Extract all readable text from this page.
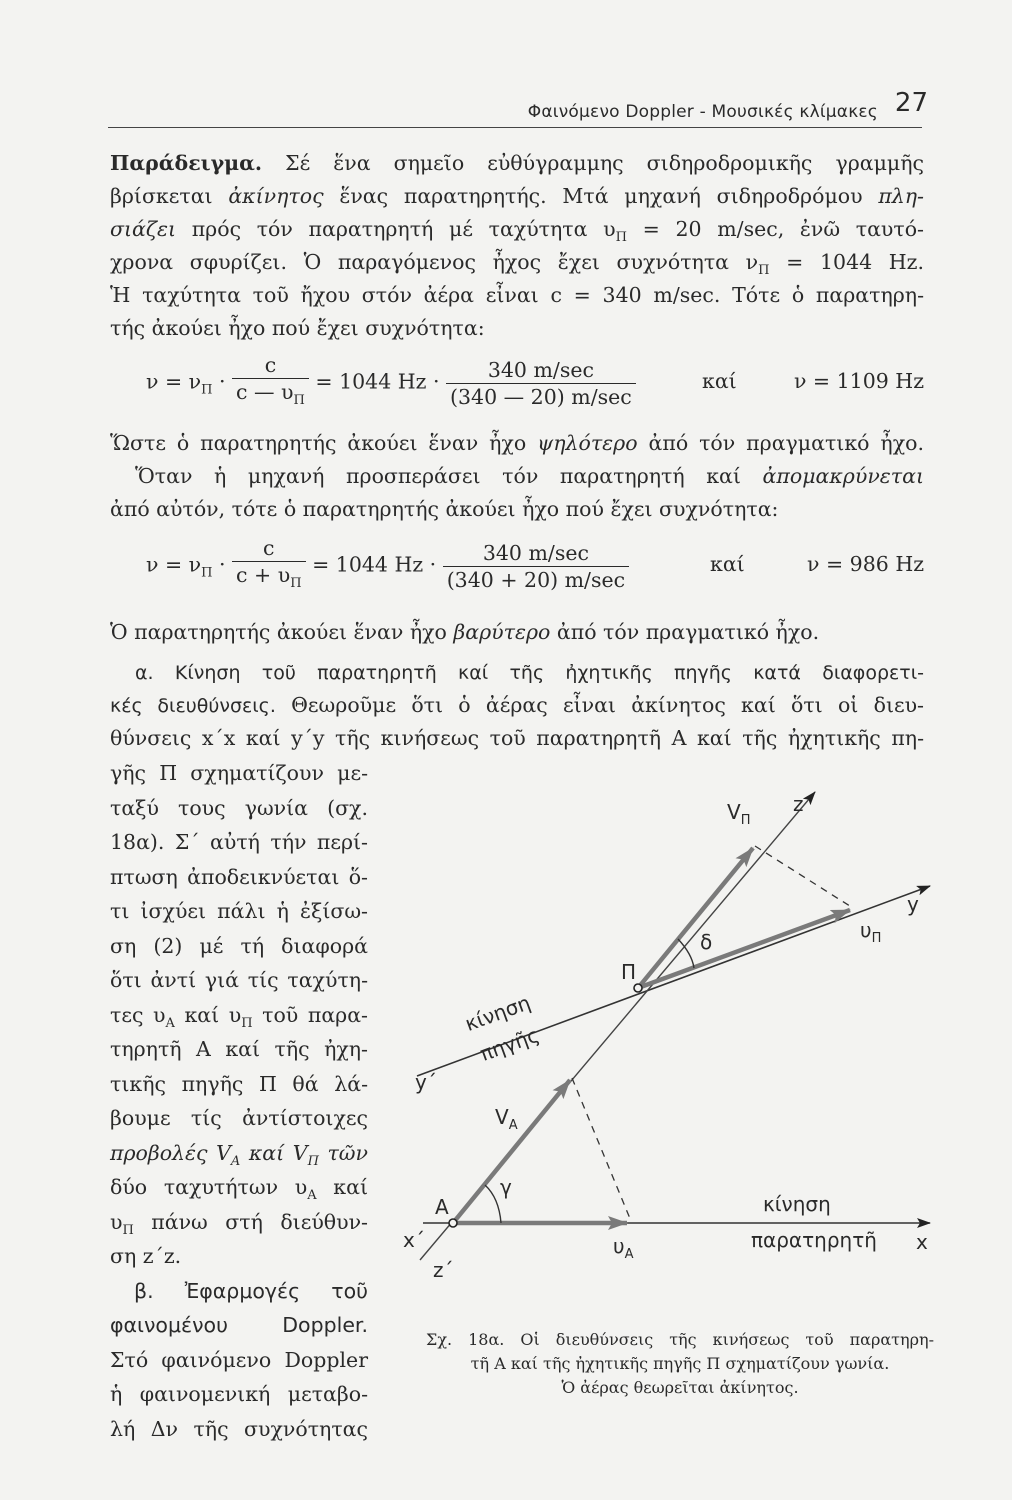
Φαινόμενο Doppler - Μουσικές κλίμακες 27
Παράδειγμα. Σέ ἕνα σημεῖο εὐθύγραμμης σιδηροδρομικῆς γραμμῆς
βρίσκεται ἀκίνητος ἕνας παρατηρητής. Μτά μηχανή σιδηροδρόμου πλη-
σιάζει πρός τόν παρατηρητή μέ ταχύτητα $\upsilon_\Pi = 20$ m/sec, ἐνῶ ταυτό-
χρονα σφυρίζει. Ὁ παραγόμενος ἦχος ἔχει συχνότητα $\nu_\Pi = 1044$ Hz.
Ἡ ταχύτητα τοῦ ἤχου στόν ἀέρα εἶναι c = 340 m/sec. Τότε ὁ παρατηρη-
τής ἀκούει ἦχο πού ἔχει συχνότητα:
$\nu = \nu_\Pi \cdot \frac{c}{c — \upsilon_\Pi} = 1044$ $Hz \cdot \frac{340 m/\sec}{(340 — 20) m/\sec}$	καί	ν = 1109 Hz
Ὥστε ὁ παρατηρητής ἀκούει ἕναν ἦχο ψηλότερο ἀπό τόν πραγματικό ἦχο.
Ὅταν ἡ μηχανή προσπεράσει τόν παρατηρητή καί ἀπομακρύνεται
ἀπό αὐτόν, τότε ὁ παρατηρητής ἀκούει ἦχο πού ἔχει συχνότητα:
$\nu = \nu_\Pi \cdot \frac{c}{c + \upsilon_\Pi} = 1044$ $Hz \cdot \frac{340 m/\sec}{(340 + 20) m/\sec}$	καί	ν = 986 Hz
Ὁ παρατηρητής ἀκούει ἕναν ἦχο βαρύτερο ἀπό τόν πραγματικό ἦχο.
α. Κίνηση τοῦ παρατηρητῆ καί τῆς ἠχητικῆς πηγῆς κατά διαφορετι-
κές διευθύνσεις. Θεωροῦμε ὅτι ὁ ἀέρας εἶναι ἀκίνητος καί ὅτι οἱ διευ-
θύνσεις x΄x καί y΄y τῆς κινήσεως τοῦ παρατηρητῆ A καί τῆς ἠχητικῆς πη-
γῆς Π σχηματίζουν με-
ταξύ τους γωνία (σχ.
18α). Σ΄ αὐτή τήν περί-
πτωση ἀποδεικνύεται ὅ-
τι ἰσχύει πάλι ἡ ἐξίσω-
ση (2) μέ τή διαφορά
ὅτι ἀντί γιά τίς ταχύτη-
τες $\upsilon_A$ καί $\upsilon_\Pi$ τοῦ παρα-
τηρητῆ A καί τῆς ἠχη-
τικῆς πηγῆς Π θά λά-
βουμε τίς ἀντίστοιχες
προβολές $V_A$ καί $V_\Pi$ τῶν
δύο ταχυτήτων $\upsilon_A$ καί
$\upsilon_\Pi$ πάνω στή διεύθυν-
ση z΄z.
β. Ἐφαρμογές τοῦ
φαινομένου Doppler.
Στό φαινόμενο Doppler
ἡ φαινομενική μεταβο-
λή Δν τῆς συχνότητας
$V_\Pi$
z
y
$\upsilon_\Pi$
δ
Π
κίνηση
πηγῆς
y΄
$V_A$
γ
A
x΄
z΄
$\upsilon_A$
κίνηση
παρατηρητῆ x
Σχ. 18α. Οἱ διευθύνσεις τῆς κινήσεως τοῦ παρατηρη-
τῆ A καί τῆς ἠχητικῆς πηγῆς Π σχηματίζουν γωνία.
Ὁ ἀέρας θεωρεῖται ἀκίνητος.
